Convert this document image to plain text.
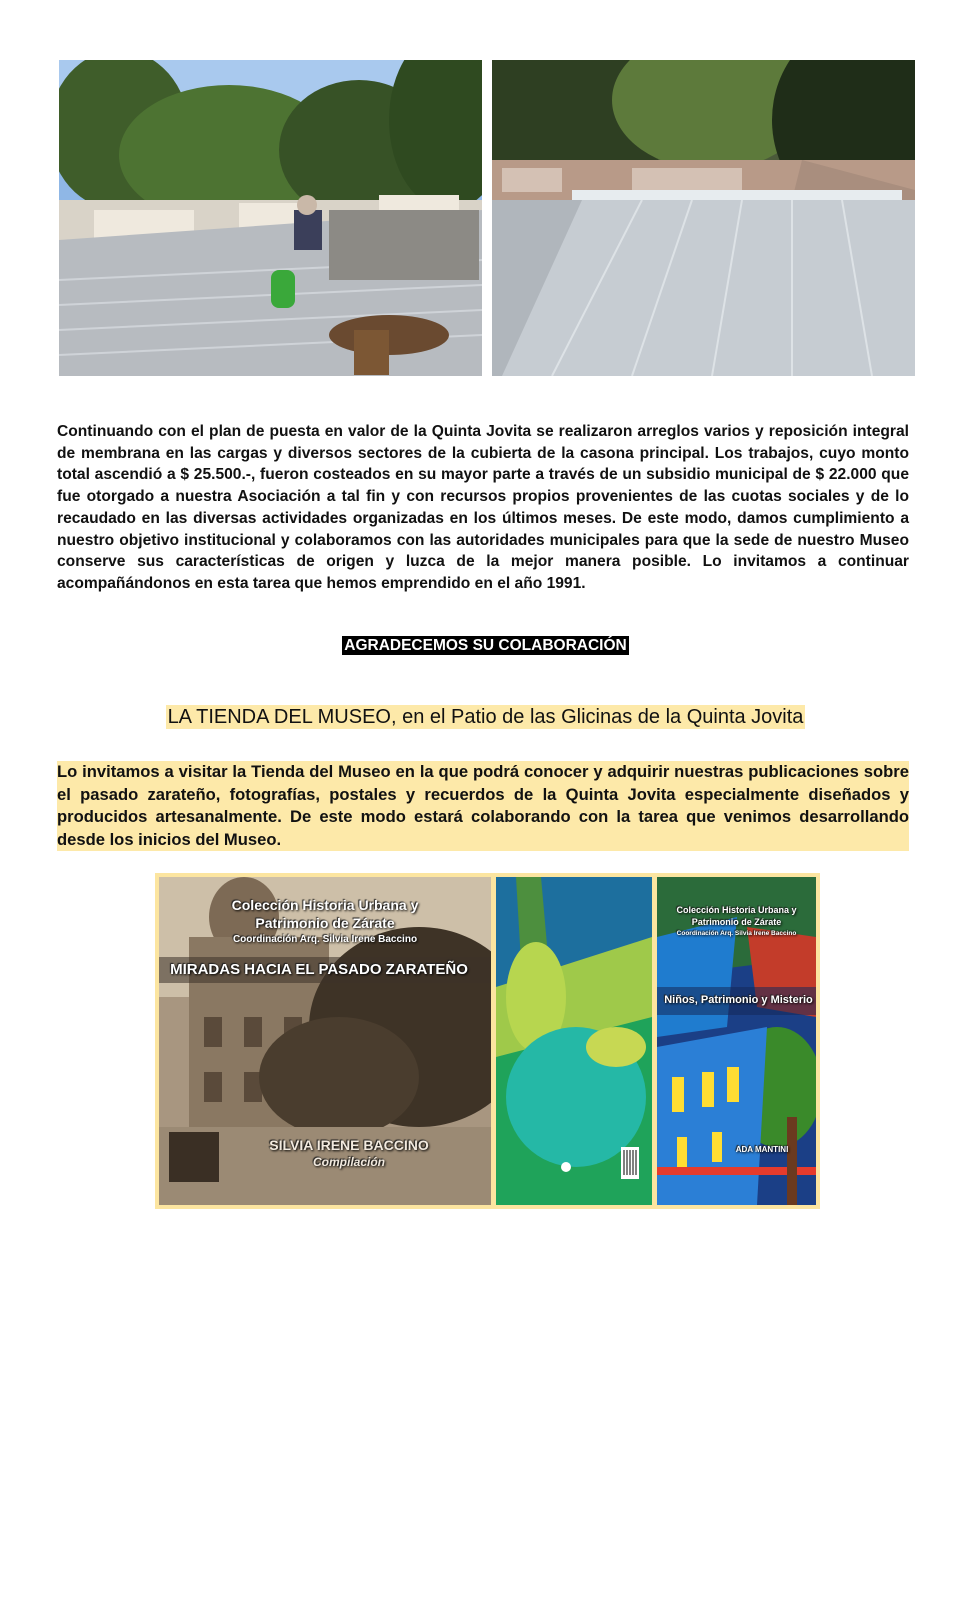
Continuando con el plan de puesta en valor de la Quinta Jovita se realizaron arreglos varios y reposición integral de membrana en las cargas y diversos sectores de la cubierta de la casona principal. Los trabajos, cuyo monto total ascendió a $ 25.500.-, fueron costeados en su mayor parte a través de un subsidio municipal de $ 22.000 que fue otorgado a nuestra Asociación a tal fin y con recursos propios provenientes de las cuotas sociales y de lo recaudado en las diversas actividades organizadas en los últimos meses. De este modo, damos cumplimiento a nuestro objetivo institucional y colaboramos con las autoridades municipales para que la sede de nuestro Museo conserve sus características de origen y luzca de la mejor manera posible. Lo invitamos a continuar acompañándonos en esta tarea que hemos emprendido en el año 1991.
AGRADECEMOS SU COLABORACIÓN
LA TIENDA DEL MUSEO, en el Patio de las Glicinas de la Quinta Jovita
Lo invitamos a visitar la Tienda del Museo en la que podrá conocer y adquirir nuestras publicaciones sobre el pasado zarateño, fotografías, postales y recuerdos de la Quinta Jovita especialmente diseñados y producidos artesanalmente. De este modo estará colaborando con la tarea que venimos desarrollando desde los inicios del Museo.
Colección Historia Urbana y
Patrimonio de Zárate
Coordinación Arq. Silvia Irene Baccino
MIRADAS HACIA EL PASADO ZARATEÑO
SILVIA IRENE BACCINO
Compilación
Colección Historia Urbana y
Patrimonio de Zárate
Coordinación Arq. Silvia Irene Baccino
Niños, Patrimonio y Misterio
ADA MANTINI
